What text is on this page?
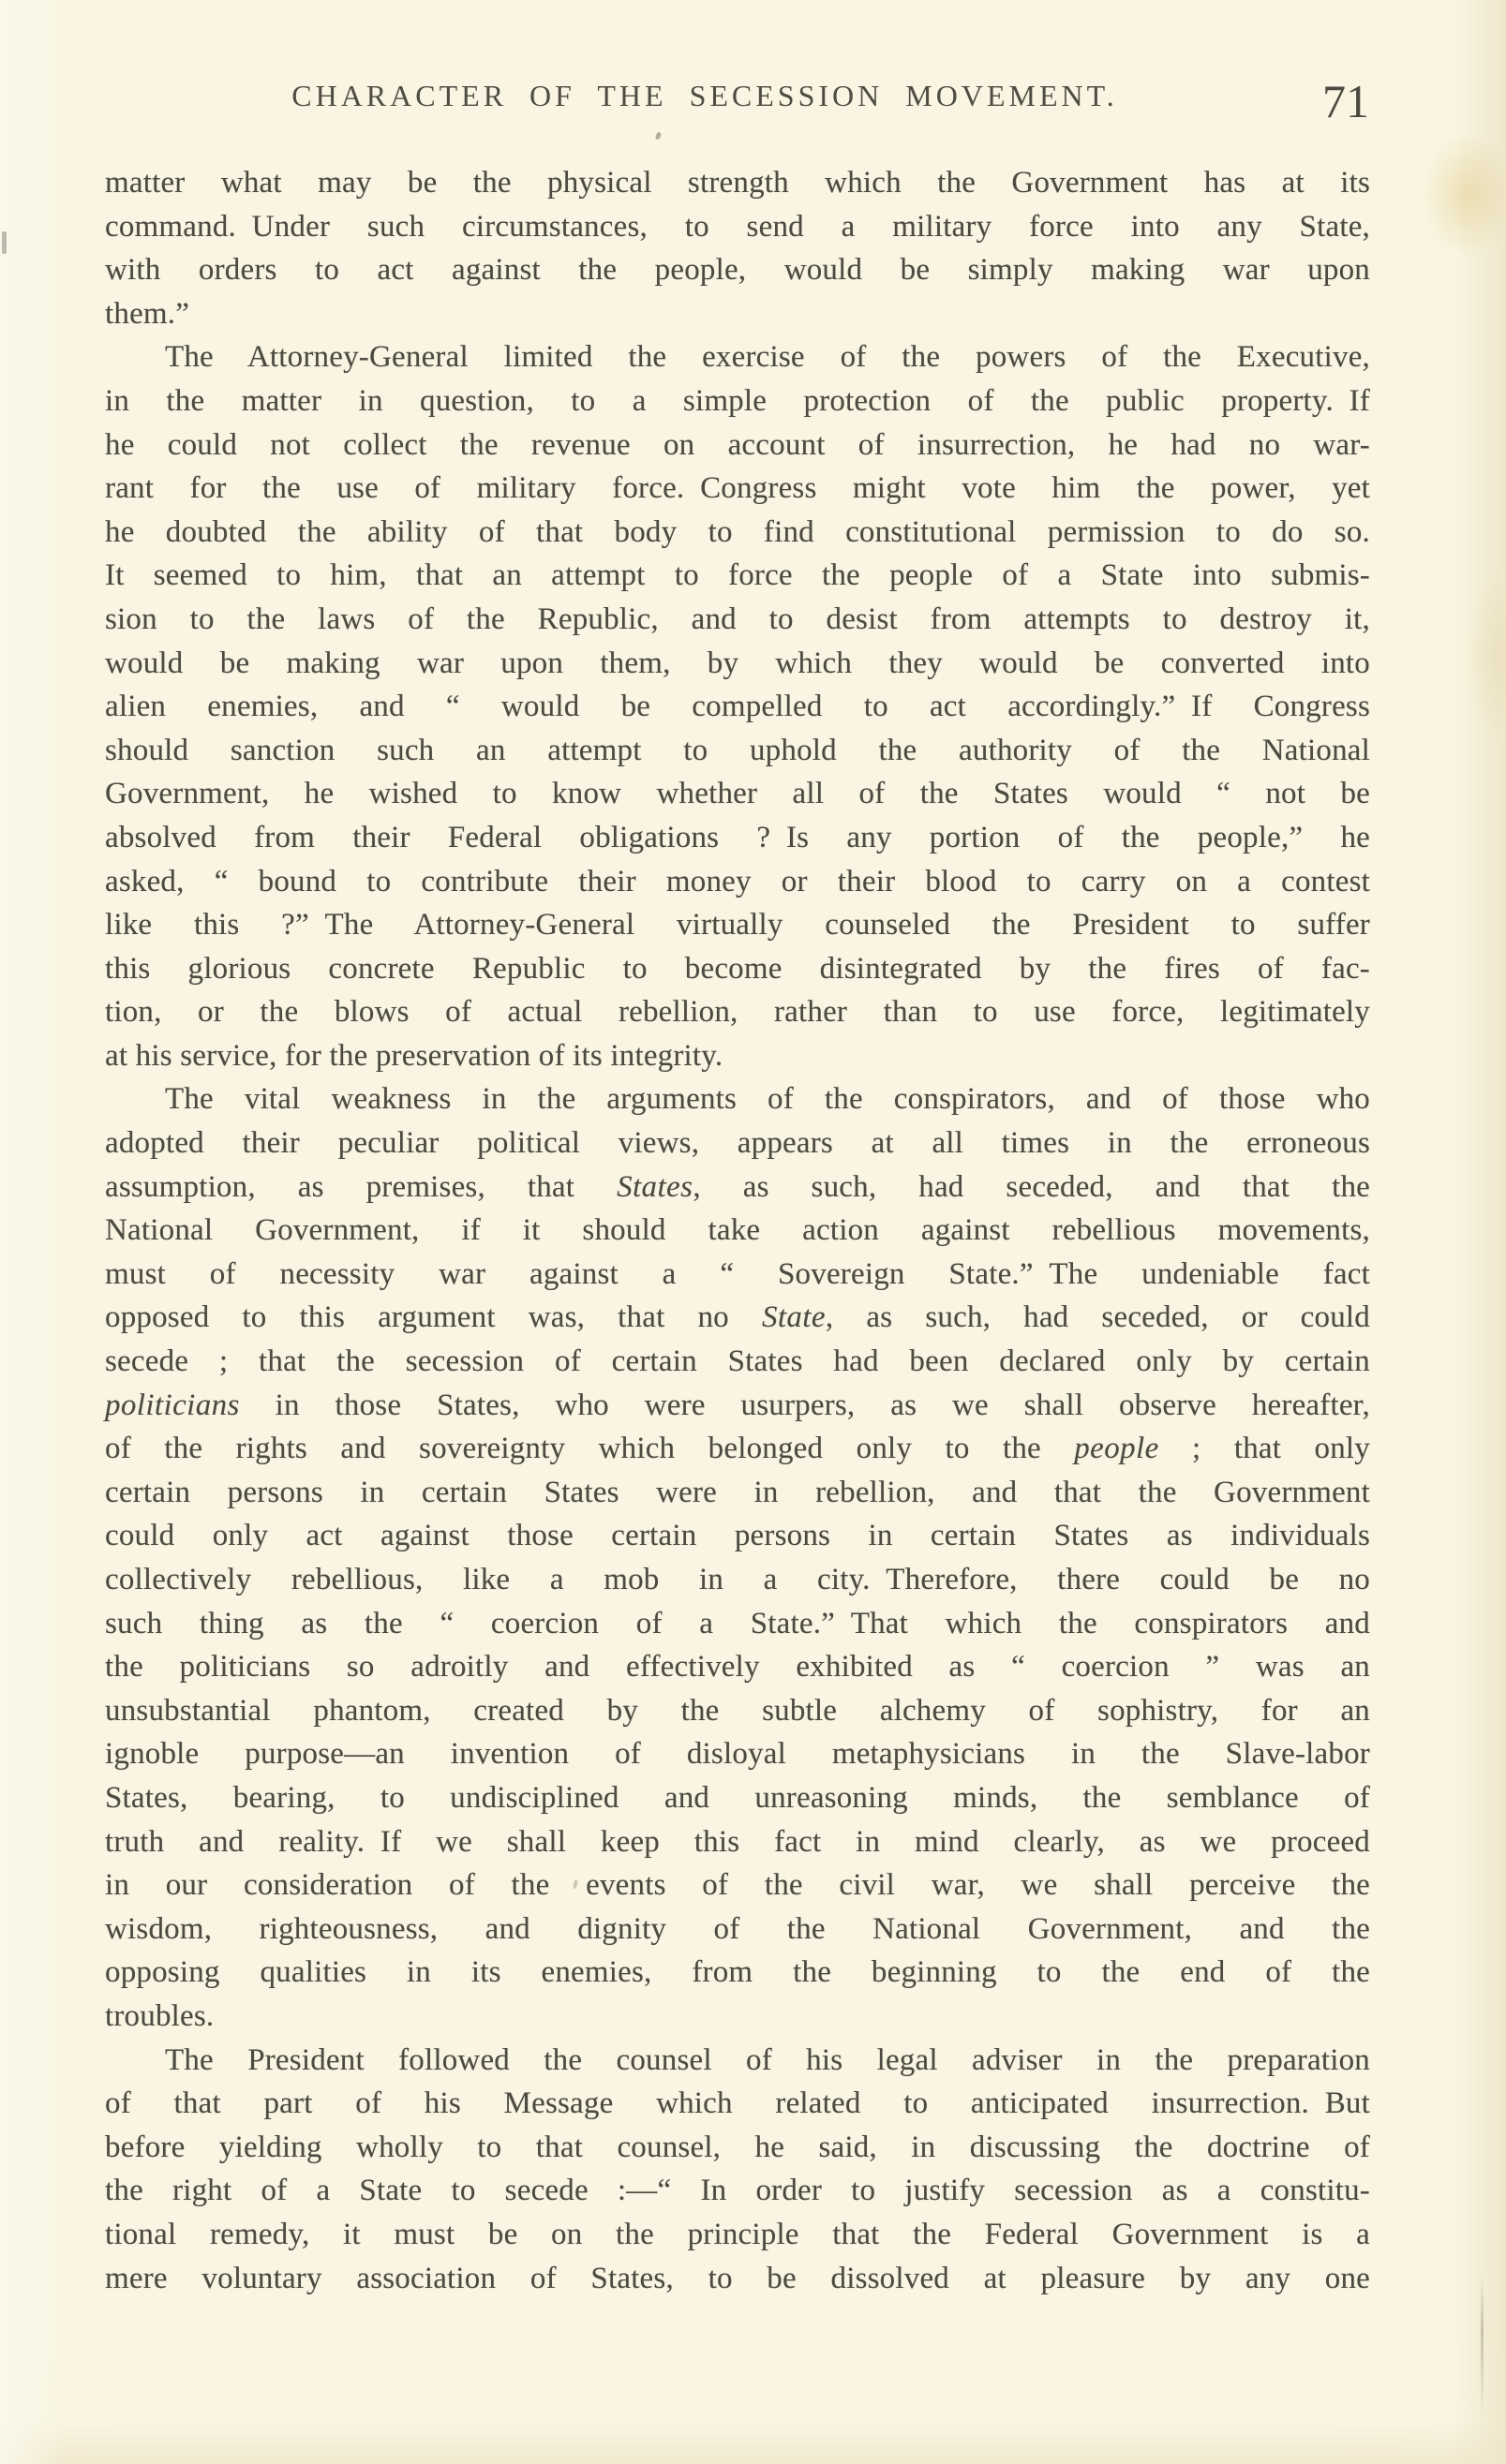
CHARACTER OF THE SECESSION MOVEMENT.	71
matter what may be the physical strength which the Government has at its
command. Under such circumstances, to send a military force into any State,
with orders to act against the people, would be simply making war upon
them.”
The Attorney-General limited the exercise of the powers of the Executive,
in the matter in question, to a simple protection of the public property. If
he could not collect the revenue on account of insurrection, he had no war-
rant for the use of military force. Congress might vote him the power, yet
he doubted the ability of that body to find constitutional permission to do so.
It seemed to him, that an attempt to force the people of a State into submis-
sion to the laws of the Republic, and to desist from attempts to destroy it,
would be making war upon them, by which they would be converted into
alien enemies, and “ would be compelled to act accordingly.” If Congress
should sanction such an attempt to uphold the authority of the National
Government, he wished to know whether all of the States would “ not be
absolved from their Federal obligations ? Is any portion of the people,” he
asked, “ bound to contribute their money or their blood to carry on a contest
like this ?” The Attorney-General virtually counseled the President to suffer
this glorious concrete Republic to become disintegrated by the fires of fac-
tion, or the blows of actual rebellion, rather than to use force, legitimately
at his service, for the preservation of its integrity.
The vital weakness in the arguments of the conspirators, and of those who
adopted their peculiar political views, appears at all times in the erroneous
assumption, as premises, that States, as such, had seceded, and that the
National Government, if it should take action against rebellious movements,
must of necessity war against a “ Sovereign State.” The undeniable fact
opposed to this argument was, that no State, as such, had seceded, or could
secede ; that the secession of certain States had been declared only by certain
politicians in those States, who were usurpers, as we shall observe hereafter,
of the rights and sovereignty which belonged only to the people ; that only
certain persons in certain States were in rebellion, and that the Government
could only act against those certain persons in certain States as individuals
collectively rebellious, like a mob in a city. Therefore, there could be no
such thing as the “ coercion of a State.” That which the conspirators and
the politicians so adroitly and effectively exhibited as “ coercion ” was an
unsubstantial phantom, created by the subtle alchemy of sophistry, for an
ignoble purpose—an invention of disloyal metaphysicians in the Slave-labor
States, bearing, to undisciplined and unreasoning minds, the semblance of
truth and reality. If we shall keep this fact in mind clearly, as we proceed
in our consideration of the events of the civil war, we shall perceive the
wisdom, righteousness, and dignity of the National Government, and the
opposing qualities in its enemies, from the beginning to the end of the
troubles.
The President followed the counsel of his legal adviser in the preparation
of that part of his Message which related to anticipated insurrection. But
before yielding wholly to that counsel, he said, in discussing the doctrine of
the right of a State to secede :—“ In order to justify secession as a constitu-
tional remedy, it must be on the principle that the Federal Government is a
mere voluntary association of States, to be dissolved at pleasure by any one
